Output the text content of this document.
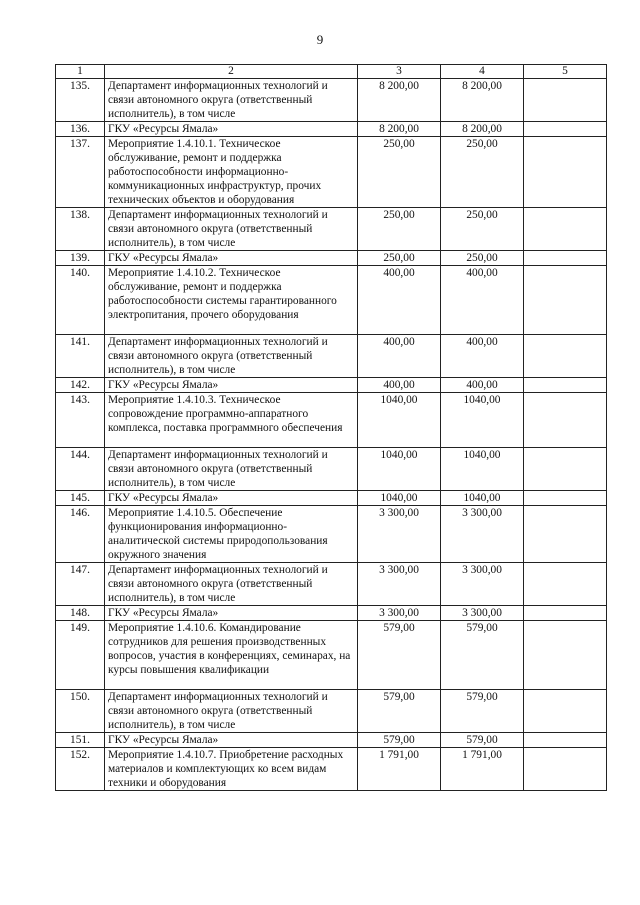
9
1	2	3	4	5
135.	Департамент информационных технологий и связи автономного округа (ответственный исполнитель), в том числе	8 200,00	8 200,00	
136.	ГКУ «Ресурсы Ямала»	8 200,00	8 200,00	
137.	Мероприятие 1.4.10.1. Техническое обслуживание, ремонт и поддержка работоспособности информационно-коммуникационных инфраструктур, прочих технических объектов и оборудования	250,00	250,00	
138.	Департамент информационных технологий и связи автономного округа (ответственный исполнитель), в том числе	250,00	250,00	
139.	ГКУ «Ресурсы Ямала»	250,00	250,00	
140.	Мероприятие 1.4.10.2. Техническое обслуживание, ремонт и поддержка работоспособности системы гарантированного электропитания, прочего оборудования	400,00	400,00	
141.	Департамент информационных технологий и связи автономного округа (ответственный исполнитель), в том числе	400,00	400,00	
142.	ГКУ «Ресурсы Ямала»	400,00	400,00	
143.	Мероприятие 1.4.10.3. Техническое сопровождение программно-аппаратного комплекса, поставка программного обеспечения	1040,00	1040,00	
144.	Департамент информационных технологий и связи автономного округа (ответственный исполнитель), в том числе	1040,00	1040,00	
145.	ГКУ «Ресурсы Ямала»	1040,00	1040,00	
146.	Мероприятие 1.4.10.5. Обеспечение функционирования информационно-аналитической системы природопользования окружного значения	3 300,00	3 300,00	
147.	Департамент информационных технологий и связи автономного округа (ответственный исполнитель), в том числе	3 300,00	3 300,00	
148.	ГКУ «Ресурсы Ямала»	3 300,00	3 300,00	
149.	Мероприятие 1.4.10.6. Командирование сотрудников для решения производственных вопросов, участия в конференциях, семинарах, на курсы повышения квалификации	579,00	579,00	
150.	Департамент информационных технологий и связи автономного округа (ответственный исполнитель), в том числе	579,00	579,00	
151.	ГКУ «Ресурсы Ямала»	579,00	579,00	
152.	Мероприятие 1.4.10.7. Приобретение расходных материалов и комплектующих ко всем видам техники и оборудования	1 791,00	1 791,00	
